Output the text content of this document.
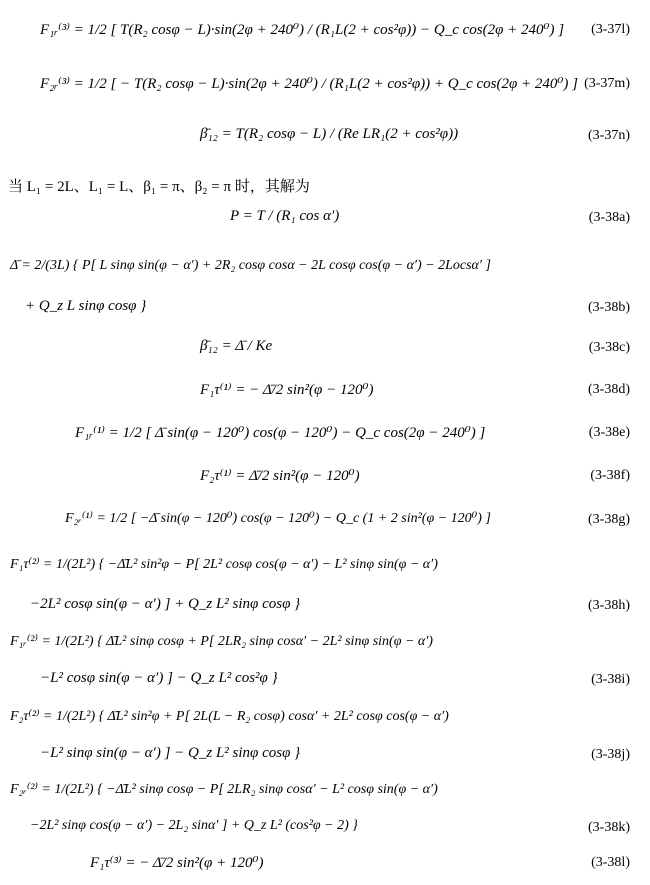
F₁ᵣ⁽³⁾ = 1/2 [ T(R₂ cosφ − L)·sin(2φ + 240⁰) / (R₁L(2 + cos²φ)) − Q_c cos(2φ + 240⁰) ] (3-37l)
F₂ᵣ⁽³⁾ = 1/2 [ − T(R₂ cosφ − L)·sin(2φ + 240⁰) / (R₁L(2 + cos²φ)) + Q_c cos(2φ + 240⁰) ] (3-37m)
β̄₁₂ = T(R₂ cosφ − L) / (Re LR₁(2 + cos²φ))	(3-37n)
当 L₁ = 2L、L₁ = L、β₁ = π、β₂ = π 时，其解为
P = T / (R₁ cos α′)	(3-38a)
Δ̄ = 2/(3L) { P[ L sinφ sin(φ − α′) + 2R₂ cosφ cosα − 2L cosφ cos(φ − α′) − 2Locsα′ ]
+ Q_z L sinφ cosφ }	(3-38b)
β̄₁₂ = Δ̄ / Ke	(3-38c)
F₁τ⁽¹⁾ = − Δ̄/2 sin²(φ − 120⁰)	(3-38d)
F₁ᵣ⁽¹⁾ = 1/2 [ Δ̄ sin(φ − 120⁰) cos(φ − 120⁰) − Q_c cos(2φ − 240⁰) ]	(3-38e)
F₂τ⁽¹⁾ = Δ̄/2 sin²(φ − 120⁰)	(3-38f)
F₂ᵣ⁽¹⁾ = 1/2 [ −Δ̄ sin(φ − 120⁰) cos(φ − 120⁰) − Q_c (1 + 2 sin²(φ − 120⁰) ]	(3-38g)
F₁τ⁽²⁾ = 1/(2L²) { −Δ̄L² sin²φ − P[ 2L² cosφ cos(φ − α′) − L² sinφ sin(φ − α′)
−2L² cosφ sin(φ − α′) ] + Q_z L² sinφ cosφ }	(3-38h)
F₁ᵣ⁽²⁾ = 1/(2L²) { Δ̄L² sinφ cosφ + P[ 2LR₂ sinφ cosα′ − 2L² sinφ sin(φ − α′)
−L² cosφ sin(φ − α′) ] − Q_z L² cos²φ }	(3-38i)
F₂τ⁽²⁾ = 1/(2L²) { Δ̄L² sin²φ + P[ 2L(L − R₂ cosφ) cosα′ + 2L² cosφ cos(φ − α′)
−L² sinφ sin(φ − α′) ] − Q_z L² sinφ cosφ }	(3-38j)
F₂ᵣ⁽²⁾ = 1/(2L²) { −Δ̄L² sinφ cosφ − P[ 2LR₂ sinφ cosα′ − L² cosφ sin(φ − α′)
−2L² sinφ cos(φ − α′) − 2L₂ sinα′ ] + Q_z L² (cos²φ − 2) }	(3-38k)
F₁τ⁽³⁾ = − Δ̄/2 sin²(φ + 120⁰)	(3-38l)
